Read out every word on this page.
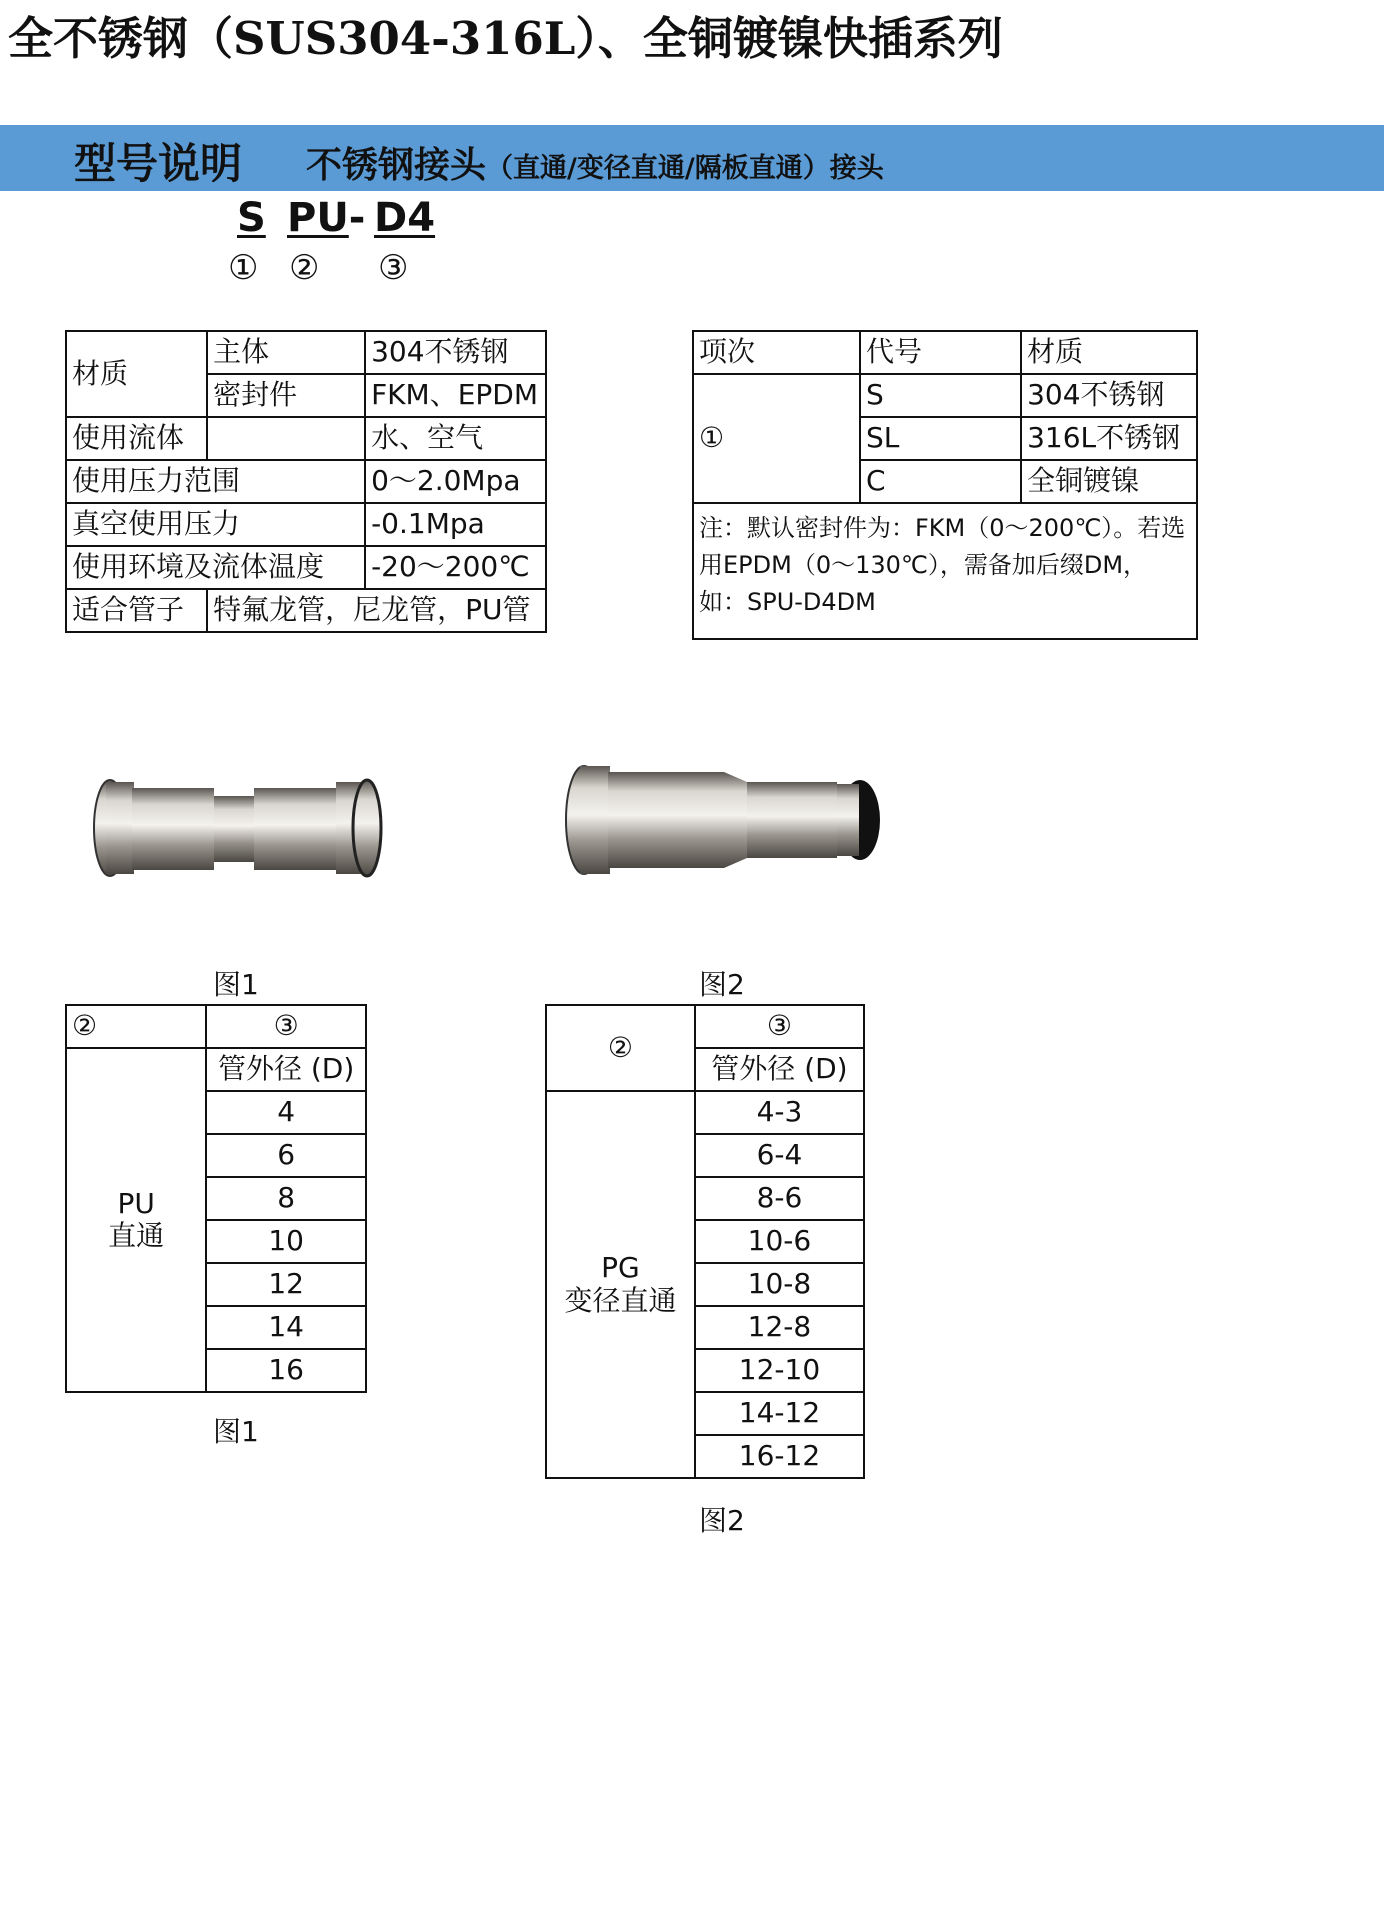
全不锈钢（SUS304-316L）、全铜镀镍快插系列
型号说明 不锈钢接头（直通/变径直通/隔板直通）接头
S PU- D4
① ② ③
材质	主体	304不锈钢
	密封件	FKM、EPDM
使用流体		水、空气
使用压力范围		0～2.0Mpa
真空使用压力		-0.1Mpa
使用环境及流体温度		-20～200℃
适合管子	特氟龙管，尼龙管，PU管	
项次	代号	材质
①	S	304不锈钢
	SL	316L不锈钢
	C	全铜镀镍
注：默认密封件为：FKM（0～200℃）。若选用EPDM（0～130℃），需备加后缀DM，如：SPU-D4DM		
图1	图2
②	③

PU
直通	管外径 (D)
	4
	6
	8
	10
	12
	14
	16
图1
②	③
	管外径 (D)

PG
变径直通	4-3
	6-4
	8-6
	10-6
	10-8
	12-8
	12-10
	14-12
	16-12
图2
